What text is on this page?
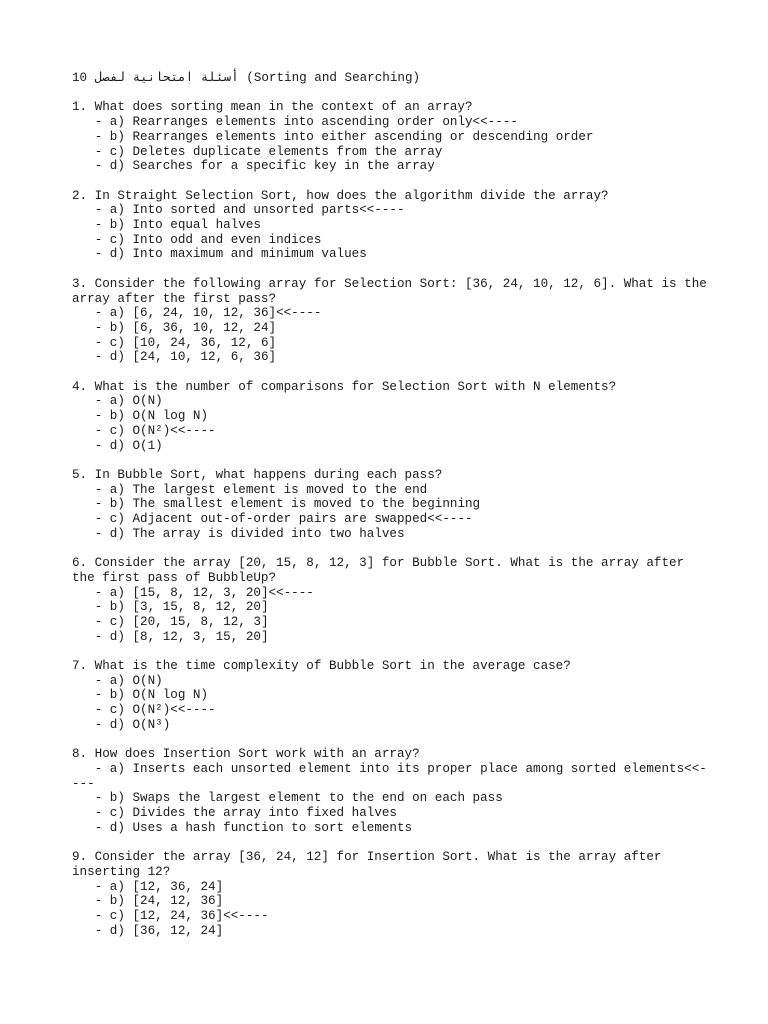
10 أسئلة امتحانية لفصل (Sorting and Searching)
1. What does sorting mean in the context of an array?
- a) Rearranges elements into ascending order only<<----
- b) Rearranges elements into either ascending or descending order
- c) Deletes duplicate elements from the array
- d) Searches for a specific key in the array
2. In Straight Selection Sort, how does the algorithm divide the array?
- a) Into sorted and unsorted parts<<----
- b) Into equal halves
- c) Into odd and even indices
- d) Into maximum and minimum values
3. Consider the following array for Selection Sort: [36, 24, 10, 12, 6]. What is the array after the first pass?
- a) [6, 24, 10, 12, 36]<<----
- b) [6, 36, 10, 12, 24]
- c) [10, 24, 36, 12, 6]
- d) [24, 10, 12, 6, 36]
4. What is the number of comparisons for Selection Sort with N elements?
- a) O(N)
- b) O(N log N)
- c) O(N²)<<----
- d) O(1)
5. In Bubble Sort, what happens during each pass?
- a) The largest element is moved to the end
- b) The smallest element is moved to the beginning
- c) Adjacent out-of-order pairs are swapped<<----
- d) The array is divided into two halves
6. Consider the array [20, 15, 8, 12, 3] for Bubble Sort. What is the array after the first pass of BubbleUp?
- a) [15, 8, 12, 3, 20]<<----
- b) [3, 15, 8, 12, 20]
- c) [20, 15, 8, 12, 3]
- d) [8, 12, 3, 15, 20]
7. What is the time complexity of Bubble Sort in the average case?
- a) O(N)
- b) O(N log N)
- c) O(N²)<<----
- d) O(N³)
8. How does Insertion Sort work with an array?
- a) Inserts each unsorted element into its proper place among sorted elements<<----
- b) Swaps the largest element to the end on each pass
- c) Divides the array into fixed halves
- d) Uses a hash function to sort elements
9. Consider the array [36, 24, 12] for Insertion Sort. What is the array after inserting 12?
- a) [12, 36, 24]
- b) [24, 12, 36]
- c) [12, 24, 36]<<----
- d) [36, 12, 24]
